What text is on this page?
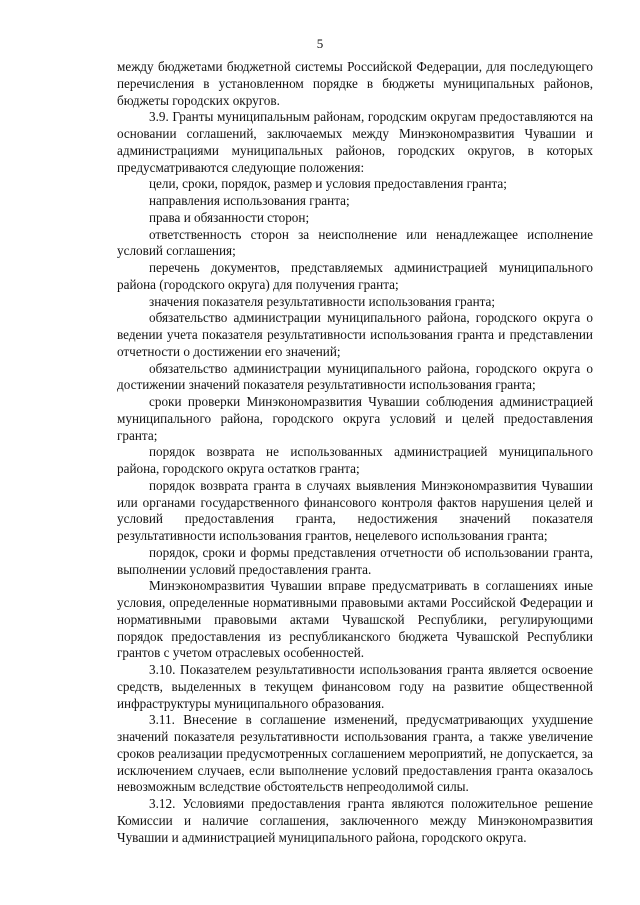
5

между бюджетами бюджетной системы Российской Федерации, для последующего перечисления в установленном порядке в бюджеты муниципальных районов, бюджеты городских округов.

3.9. Гранты муниципальным районам, городским округам предоставляются на основании соглашений, заключаемых между Минэкономразвития Чувашии и администрациями муниципальных районов, городских округов, в которых предусматриваются следующие положения:

цели, сроки, порядок, размер и условия предоставления гранта;

направления использования гранта;

права и обязанности сторон;

ответственность сторон за неисполнение или ненадлежащее исполнение условий соглашения;

перечень документов, представляемых администрацией муниципального района (городского округа) для получения гранта;

значения показателя результативности использования гранта;

обязательство администрации муниципального района, городского округа о ведении учета показателя результативности использования гранта и представлении отчетности о достижении его значений;

обязательство администрации муниципального района, городского округа о достижении значений показателя результативности использования гранта;

сроки проверки Минэкономразвития Чувашии соблюдения администрацией муниципального района, городского округа условий и целей предоставления гранта;

порядок возврата не использованных администрацией муниципального района, городского округа остатков гранта;

порядок возврата гранта в случаях выявления Минэкономразвития Чувашии или органами государственного финансового контроля фактов нарушения целей и условий предоставления гранта, недостижения значений показателя результативности использования грантов, нецелевого использования гранта;

порядок, сроки и формы представления отчетности об использовании гранта, выполнении условий предоставления гранта.

Минэкономразвития Чувашии вправе предусматривать в соглашениях иные условия, определенные нормативными правовыми актами Российской Федерации и нормативными правовыми актами Чувашской Республики, регулирующими порядок предоставления из республиканского бюджета Чувашской Республики грантов с учетом отраслевых особенностей.

3.10. Показателем результативности использования гранта является освоение средств, выделенных в текущем финансовом году на развитие общественной инфраструктуры муниципального образования.

3.11. Внесение в соглашение изменений, предусматривающих ухудшение значений показателя результативности использования гранта, а также увеличение сроков реализации предусмотренных соглашением мероприятий, не допускается, за исключением случаев, если выполнение условий предоставления гранта оказалось невозможным вследствие обстоятельств непреодолимой силы.

3.12. Условиями предоставления гранта являются положительное решение Комиссии и наличие соглашения, заключенного между Минэкономразвития Чувашии и администрацией муниципального района, городского округа.
